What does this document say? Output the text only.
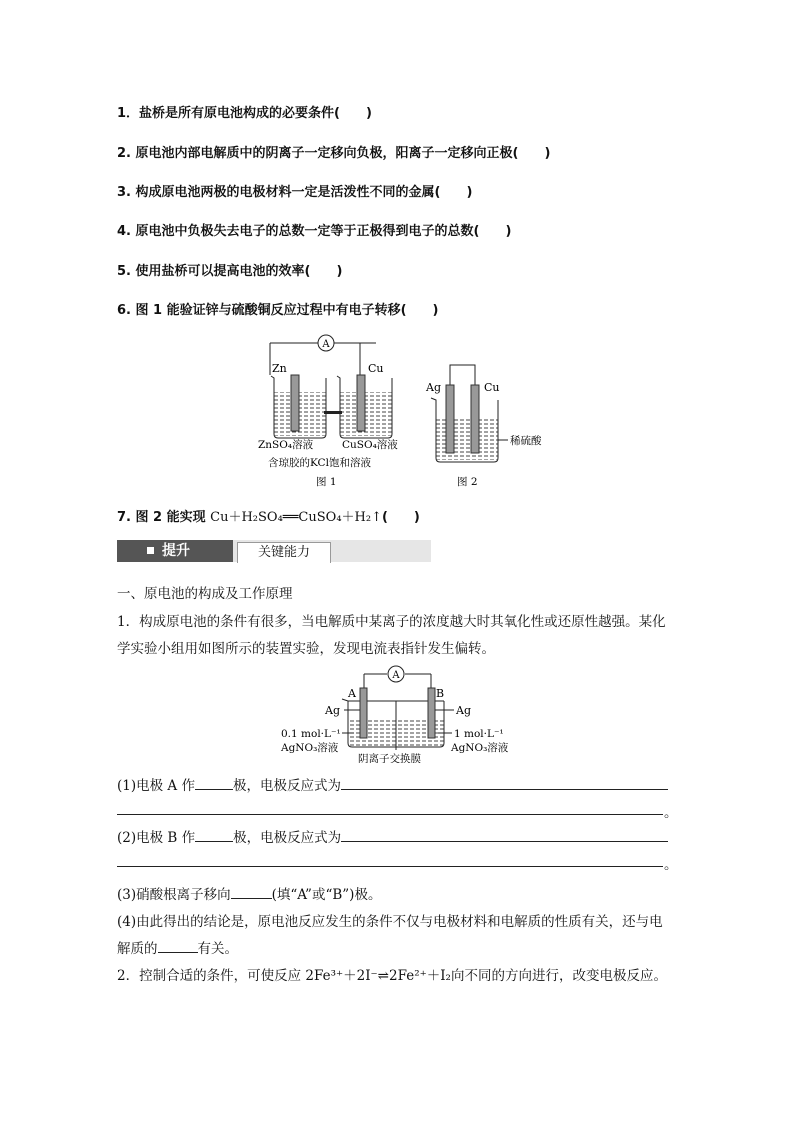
1．盐桥是所有原电池构成的必要条件(　　)
2. 原电池内部电解质中的阴离子一定移向负极，阳离子一定移向正极(　　)
3. 构成原电池两极的电极材料一定是活泼性不同的金属(　　)
4. 原电池中负极失去电子的总数一定等于正极得到电子的总数(　　)
5. 使用盐桥可以提高电池的效率(　　)
6. 图 1 能验证锌与硫酸铜反应过程中有电子转移(　　)
A
Zn	Cu
ZnSO₄溶液	CuSO₄溶液
含琼胶的KCl饱和溶液
图 1
Ag	Cu
稀硫酸
图 2
7. 图 2 能实现 Cu＋H₂SO₄══CuSO₄＋H₂↑(　　)
提升	关键能力
一、原电池的构成及工作原理
1．构成原电池的条件有很多，当电解质中某离子的浓度越大时其氧化性或还原性越强。某化
学实验小组用如图所示的装置实验，发现电流表指针发生偏转。
A
A	B
Ag	Ag
0.1 mol·L⁻¹	1 mol·L⁻¹
AgNO₃溶液	AgNO₃溶液
阴离子交换膜
(1)电极 A 作	极，电极反应式为
。
(2)电极 B 作	极，电极反应式为
。
(3)硝酸根离子移向	(填“A”或“B”)极。
(4)由此得出的结论是，原电池反应发生的条件不仅与电极材料和电解质的性质有关，还与电
解质的	有关。
2．控制合适的条件，可使反应 2Fe³⁺＋2I⁻⇌2Fe²⁺＋I₂向不同的方向进行，改变电极反应。
